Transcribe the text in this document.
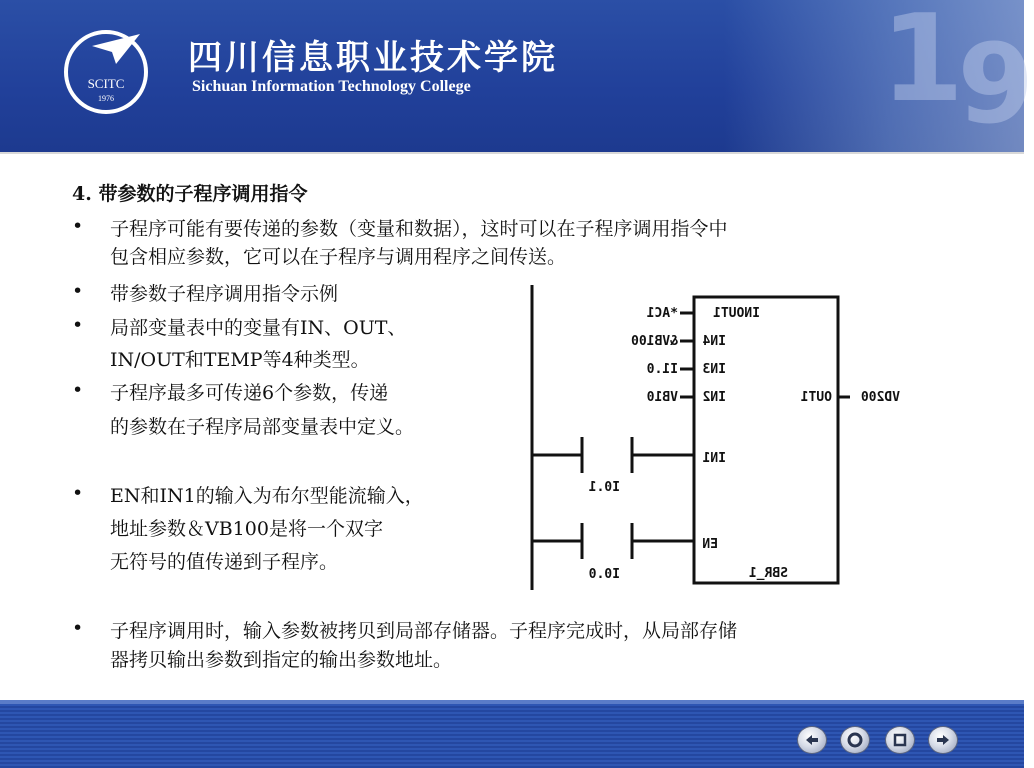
1
9
SCITC
1976
四川信息职业技术学院
Sichuan Information Technology College
4. 带参数的子程序调用指令
• 子程序可能有要传递的参数（变量和数据），这时可以在子程序调用指令中
包含相应参数，它可以在子程序与调用程序之间传送。
• 带参数子程序调用指令示例
• 局部变量表中的变量有IN、OUT、
IN/OUT和TEMP等4种类型。
• 子程序最多可传递6个参数，传递
的参数在子程序局部变量表中定义。
• EN和IN1的输入为布尔型能流输入，
地址参数＆VB100是将一个双字
无符号的值传递到子程序。
• 子程序调用时，输入参数被拷贝到局部存储器。子程序完成时，从局部存储
器拷贝输出参数到指定的输出参数地址。
INOUT1
IN4
IN3
IN2
IN1
EN
OUT1
SBR_1
*AC1
&VB100
I1.0
VB10	VD200
I0.1
I0.0
